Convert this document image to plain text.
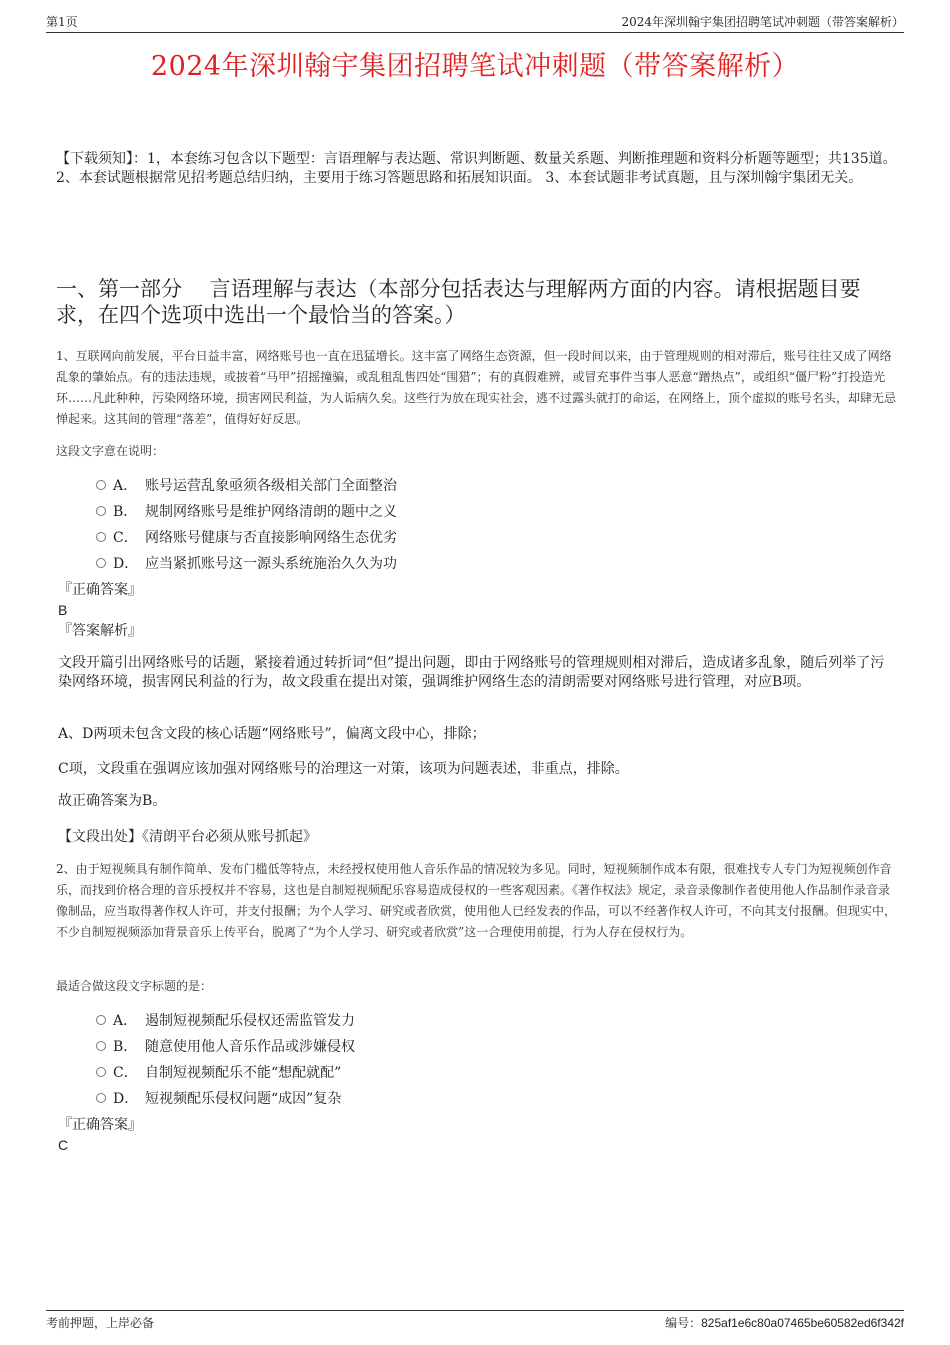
第1页	2024年深圳翰宇集团招聘笔试冲刺题（带答案解析）
2024年深圳翰宇集团招聘笔试冲刺题（带答案解析）
【下载须知】：1，本套练习包含以下题型：言语理解与表达题、常识判断题、数量关系题、判断推理题和资料分析题等题型；共135道。 2、本套试题根据常见招考题总结归纳，主要用于练习答题思路和拓展知识面。 3、本套试题非考试真题，且与深圳翰宇集团无关。
一、第一部分　 言语理解与表达（本部分包括表达与理解两方面的内容。请根据题目要求，在四个选项中选出一个最恰当的答案。）
1、互联网向前发展，平台日益丰富，网络账号也一直在迅猛增长。这丰富了网络生态资源，但一段时间以来，由于管理规则的相对滞后，账号往往又成了网络乱象的肇始点。有的违法违规，或披着“马甲”招摇撞骗，或乱租乱售四处“围猎”；有的真假难辨，或冒充事件当事人恶意“蹭热点”，或组织“僵尸粉”打投造光环……凡此种种，污染网络环境，损害网民利益，为人诟病久矣。这些行为放在现实社会，逃不过露头就打的命运，在网络上，顶个虚拟的账号名头，却肆无忌惮起来。这其间的管理“落差”，值得好好反思。
这段文字意在说明：
A． 账号运营乱象亟须各级相关部门全面整治
B． 规制网络账号是维护网络清朗的题中之义
C． 网络账号健康与否直接影响网络生态优劣
D． 应当紧抓账号这一源头系统施治久久为功
『正确答案』
B
『答案解析』
文段开篇引出网络账号的话题，紧接着通过转折词“但”提出问题，即由于网络账号的管理规则相对滞后，造成诸多乱象，随后列举了污染网络环境，损害网民利益的行为，故文段重在提出对策，强调维护网络生态的清朗需要对网络账号进行管理，对应B项。
A、D两项未包含文段的核心话题“网络账号”，偏离文段中心，排除；
C项，文段重在强调应该加强对网络账号的治理这一对策，该项为问题表述，非重点，排除。
故正确答案为B。
【文段出处】《清朗平台必须从账号抓起》
2、由于短视频具有制作简单、发布门槛低等特点，未经授权使用他人音乐作品的情况较为多见。同时，短视频制作成本有限，很难找专人专门为短视频创作音乐，而找到价格合理的音乐授权并不容易，这也是自制短视频配乐容易造成侵权的一些客观因素。《著作权法》规定，录音录像制作者使用他人作品制作录音录像制品，应当取得著作权人许可，并支付报酬；为个人学习、研究或者欣赏，使用他人已经发表的作品，可以不经著作权人许可，不向其支付报酬。但现实中，不少自制短视频添加背景音乐上传平台，脱离了“为个人学习、研究或者欣赏”这一合理使用前提，行为人存在侵权行为。
最适合做这段文字标题的是：
A． 遏制短视频配乐侵权还需监管发力
B． 随意使用他人音乐作品或涉嫌侵权
C． 自制短视频配乐不能“想配就配”
D． 短视频配乐侵权问题“成因”复杂
『正确答案』
C
考前押题，上岸必备	编号：825af1e6c80a07465be60582ed6f342f
